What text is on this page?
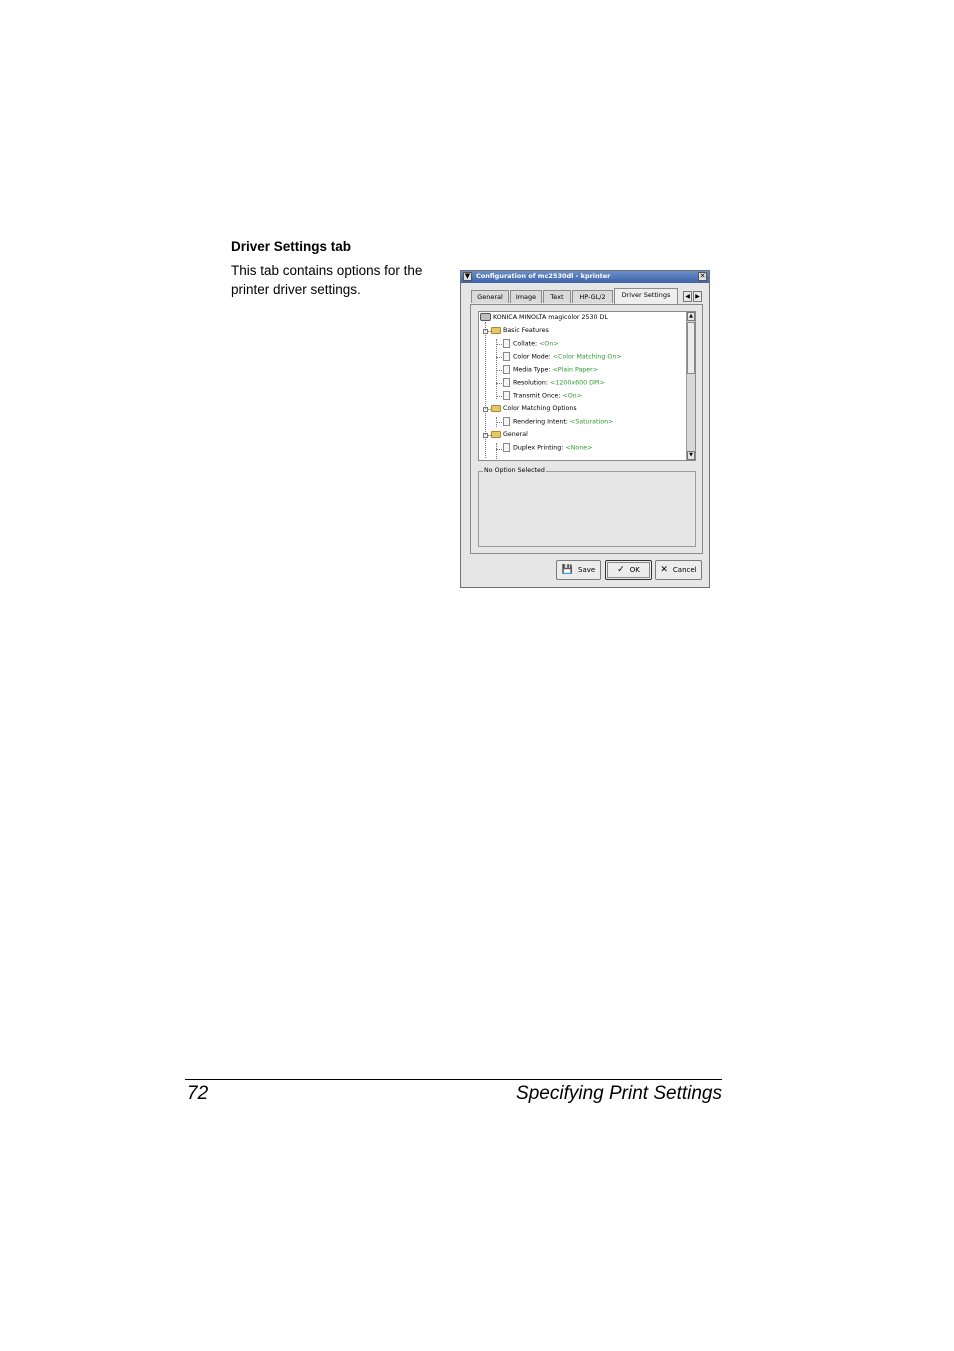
Driver Settings tab
This tab contains options for the printer driver settings.
▼ Configuration of mc2530dl - kprinter	✕
General	Image	Text	HP-GL/2	Driver Settings	◀ ▶
-
-
-
KONICA MINOLTA magicolor 2530 DL
Basic Features
Collate: <On>
Color Mode: <Color Matching On>
Media Type: <Plain Paper>
Resolution: <1200x600 DPI>
Transmit Once: <On>
Color Matching Options
Rendering Intent: <Saturation>
General
Duplex Printing: <None>
▲
▼
No Option Selected
💾 Save	✓ OK	✕ Cancel
72	Specifying Print Settings
